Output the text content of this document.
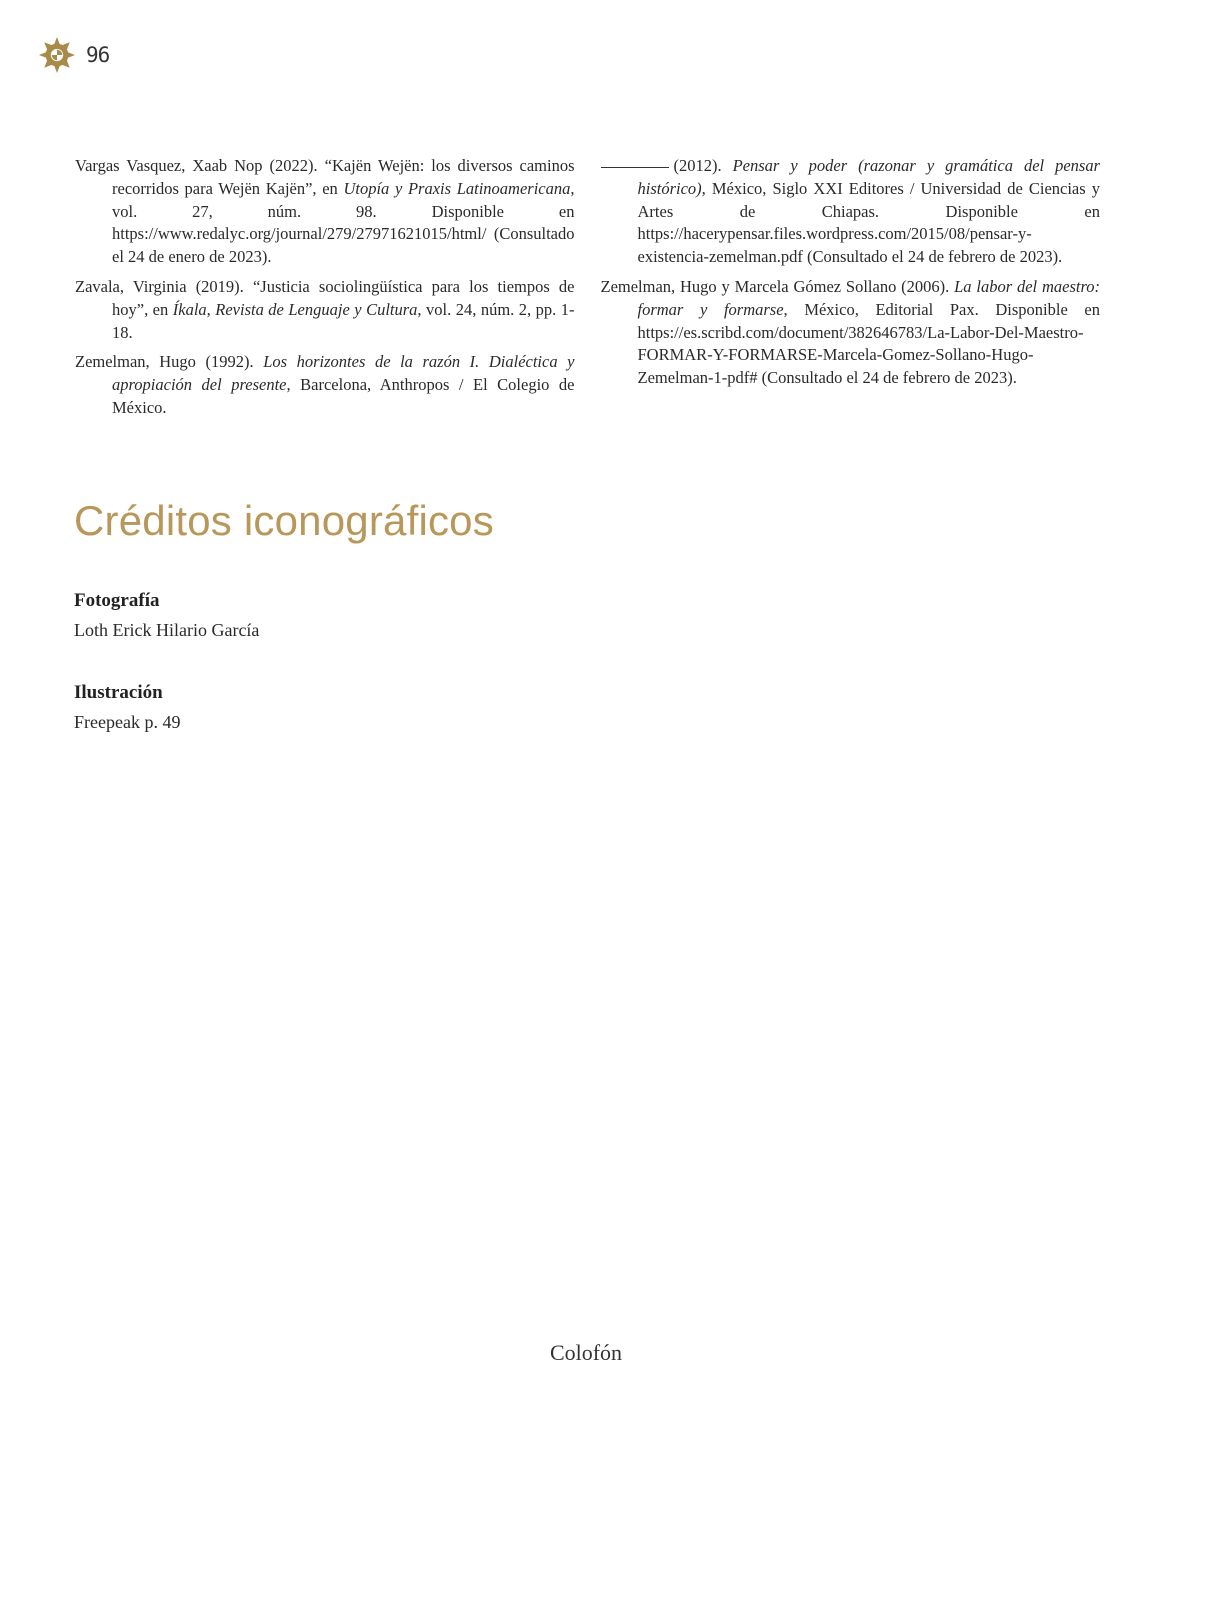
96

Vargas Vasquez, Xaab Nop (2022). “Kajën Wejën: los diversos caminos recorridos para Wejën Kajën”, en Utopía y Praxis Latinoamericana, vol. 27, núm. 98. Disponible en https://www.redalyc.org/journal/279/27971621015/html/ (Consultado el 24 de enero de 2023).

Zavala, Virginia (2019). “Justicia sociolingüística para los tiempos de hoy”, en Íkala, Revista de Lenguaje y Cultura, vol. 24, núm. 2, pp. 1-18.

Zemelman, Hugo (1992). Los horizontes de la razón I. Dialéctica y apropiación del presente, Barcelona, Anthropos / El Colegio de México.

(2012). Pensar y poder (razonar y gramática del pensar histórico), México, Siglo XXI Editores / Universidad de Ciencias y Artes de Chiapas. Disponible en https://hacerypensar.files.wordpress.com/2015/08/pensar-y-existencia-zemelman.pdf (Consultado el 24 de febrero de 2023).

Zemelman, Hugo y Marcela Gómez Sollano (2006). La labor del maestro: formar y formarse, México, Editorial Pax. Disponible en https://es.scribd.com/document/382646783/La-Labor-Del-Maestro-FORMAR-Y-FORMARSE-Marcela-Gomez-Sollano-Hugo-Zemelman-1-pdf# (Consultado el 24 de febrero de 2023).

Créditos iconográficos

Fotografía

Loth Erick Hilario García

Ilustración

Freepeak p. 49

Colofón
